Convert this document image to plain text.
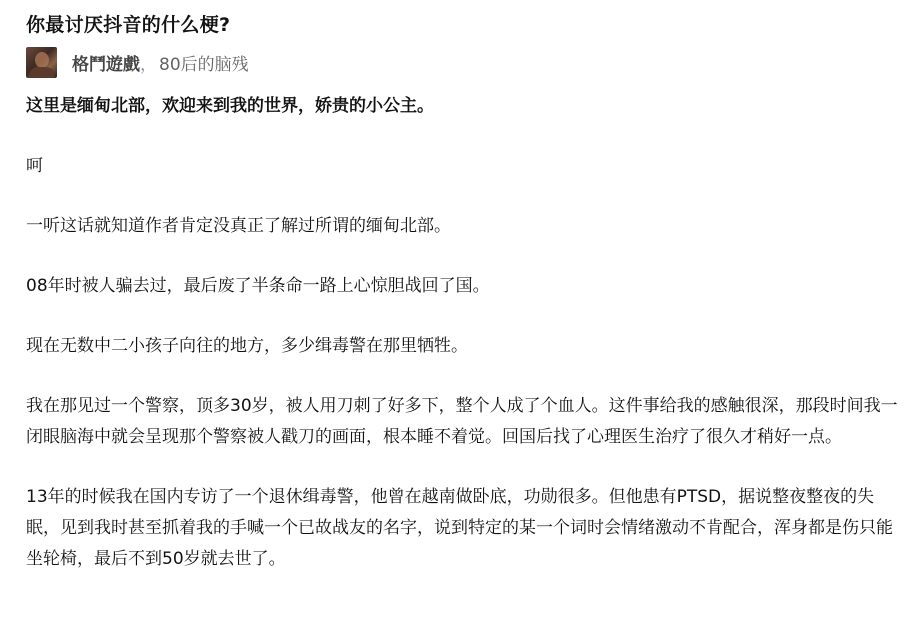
你最讨厌抖音的什么梗?
格鬥遊戲 ， 80后的脑残

这里是缅甸北部，欢迎来到我的世界，娇贵的小公主。

呵

一听这话就知道作者肯定没真正了解过所谓的缅甸北部。

08年时被人骗去过，最后废了半条命一路上心惊胆战回了国。

现在无数中二小孩子向往的地方，多少缉毒警在那里牺牲。

我在那见过一个警察，顶多30岁，被人用刀刺了好多下，整个人成了个血人。这件事给我的感触很深，那段时间我一闭眼脑海中就会呈现那个警察被人戳刀的画面，根本睡不着觉。回国后找了心理医生治疗了很久才稍好一点。

13年的时候我在国内专访了一个退休缉毒警，他曾在越南做卧底，功勋很多。但他患有PTSD，据说整夜整夜的失眠，见到我时甚至抓着我的手喊一个已故战友的名字，说到特定的某一个词时会情绪激动不肯配合，浑身都是伤只能坐轮椅，最后不到50岁就去世了。
